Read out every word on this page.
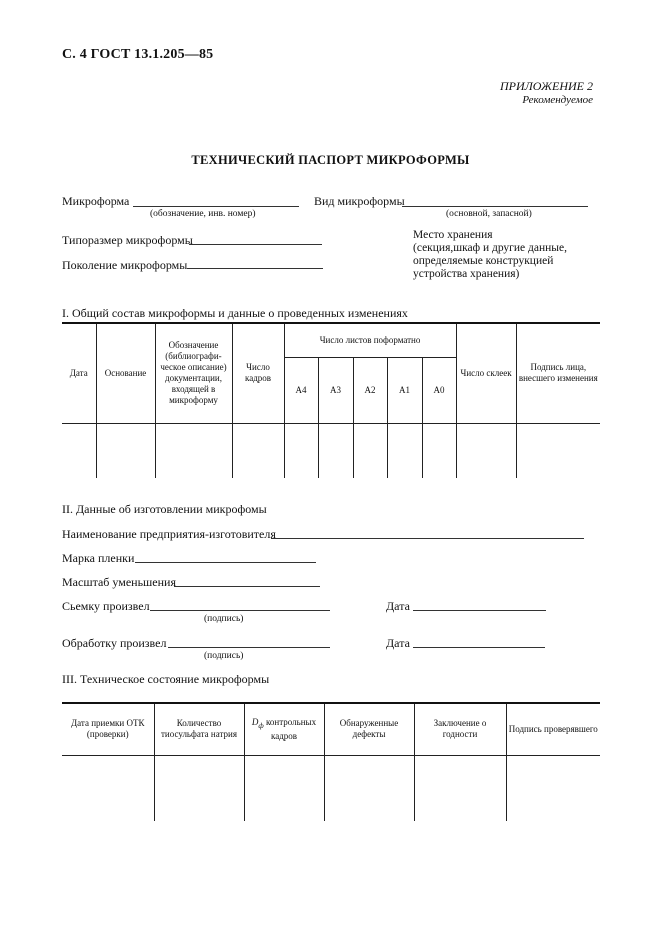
С. 4 ГОСТ 13.1.205—85
ПРИЛОЖЕНИЕ 2
Рекомендуемое
ТЕХНИЧЕСКИЙ ПАСПОРТ МИКРОФОРМЫ
Микроформа
(обозначение, инв. номер)
Вид микроформы
(основной, запасной)
Типоразмер микроформы
Поколение микроформы
Место хранения
(секция,шкаф и другие данные, определяемые конструкцией устройства хранения)
I. Общий состав микроформы и данные о проведенных изменениях
Дата	Основание	Обозначение (библиографи-ческое описание) документации, входящей в микроформу	Число кадров	Число листов поформатно					Число склеек	Подпись лица, внесшего изменения
				А4	А3	А2	А1	А0		

II. Данные об изготовлении микрофомы
Наименование предприятия-изготовителя
Марка пленки
Масштаб уменьшения
Сьемку произвел
(подпись)
Дата
Обработку произвел
(подпись)
Дата
III. Техническое состояние микроформы
Дата приемки ОТК (проверки)	Количество тиосульфата натрия	$D_ф$ контрольных кадров	Обнаруженные дефекты	Заключение о годности	Подпись проверявшего
